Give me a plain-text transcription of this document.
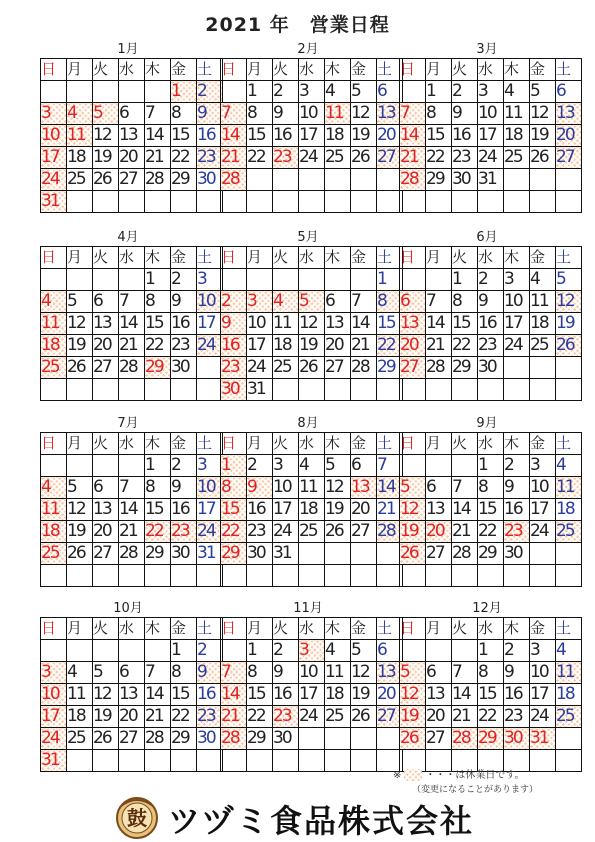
2021 年　営業日程
1月
日	月	火	水	木	金	土
					1	2
3	4	5	6	7	8	9
10	11	12	13	14	15	16
17	18	19	20	21	22	23
24	25	26	27	28	29	30
31						
2月
日	月	火	水	木	金	土
	1	2	3	4	5	6
7	8	9	10	11	12	13
14	15	16	17	18	19	20
21	22	23	24	25	26	27
28						

3月
日	月	火	水	木	金	土
	1	2	3	4	5	6
7	8	9	10	11	12	13
14	15	16	17	18	19	20
21	22	23	24	25	26	27
28	29	30	31			

4月
日	月	火	水	木	金	土
				1	2	3
4	5	6	7	8	9	10
11	12	13	14	15	16	17
18	19	20	21	22	23	24
25	26	27	28	29	30	

5月
日	月	火	水	木	金	土
						1
2	3	4	5	6	7	8
9	10	11	12	13	14	15
16	17	18	19	20	21	22
23	24	25	26	27	28	29
30	31					
6月
日	月	火	水	木	金	土
		1	2	3	4	5
6	7	8	9	10	11	12
13	14	15	16	17	18	19
20	21	22	23	24	25	26
27	28	29	30			

7月
日	月	火	水	木	金	土
				1	2	3
4	5	6	7	8	9	10
11	12	13	14	15	16	17
18	19	20	21	22	23	24
25	26	27	28	29	30	31

8月
日	月	火	水	木	金	土
1	2	3	4	5	6	7
8	9	10	11	12	13	14
15	16	17	18	19	20	21
22	23	24	25	26	27	28
29	30	31				

9月
日	月	火	水	木	金	土
			1	2	3	4
5	6	7	8	9	10	11
12	13	14	15	16	17	18
19	20	21	22	23	24	25
26	27	28	29	30		

10月
日	月	火	水	木	金	土
					1	2
3	4	5	6	7	8	9
10	11	12	13	14	15	16
17	18	19	20	21	22	23
24	25	26	27	28	29	30
31						
11月
日	月	火	水	木	金	土
	1	2	3	4	5	6
7	8	9	10	11	12	13
14	15	16	17	18	19	20
21	22	23	24	25	26	27
28	29	30				

12月
日	月	火	水	木	金	土
			1	2	3	4
5	6	7	8	9	10	11
12	13	14	15	16	17	18
19	20	21	22	23	24	25
26	27	28	29	30	31	

※ ・・・は休業日です。
（変更になることがあります）
鼓 ツヅミ食品株式会社
